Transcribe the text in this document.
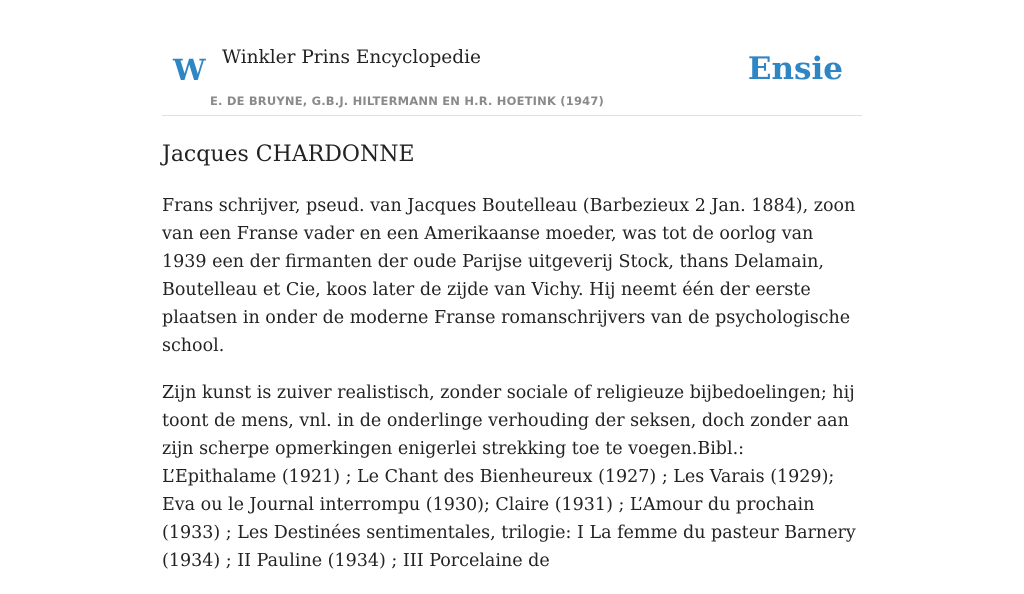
W Winkler Prins Encyclopedie
E. DE BRUYNE, G.B.J. HILTERMANN EN H.R. HOETINK (1947)
Ensie
Jacques CHARDONNE

Frans schrijver, pseud. van Jacques Boutelleau (Barbezieux 2 Jan. 1884), zoon van een Franse vader en een Amerikaanse moeder, was tot de oorlog van 1939 een der firmanten der oude Parijse uitgeverij Stock, thans Delamain, Boutelleau et Cie, koos later de zijde van Vichy. Hij neemt één der eerste plaatsen in onder de moderne Franse romanschrijvers van de psychologische school.

Zijn kunst is zuiver realistisch, zonder sociale of religieuze bijbedoelingen; hij toont de mens, vnl. in de onderlinge verhouding der seksen, doch zonder aan zijn scherpe opmerkingen enigerlei strekking toe te voegen.Bibl.: L’Epithalame (1921) ; Le Chant des Bienheureux (1927) ; Les Varais (1929); Eva ou le Journal interrompu (1930); Claire (1931) ; L’Amour du prochain (1933) ; Les Destinées sentimentales, trilogie: I La femme du pasteur Barnery (1934) ; II Pauline (1934) ; III Porcelaine de
